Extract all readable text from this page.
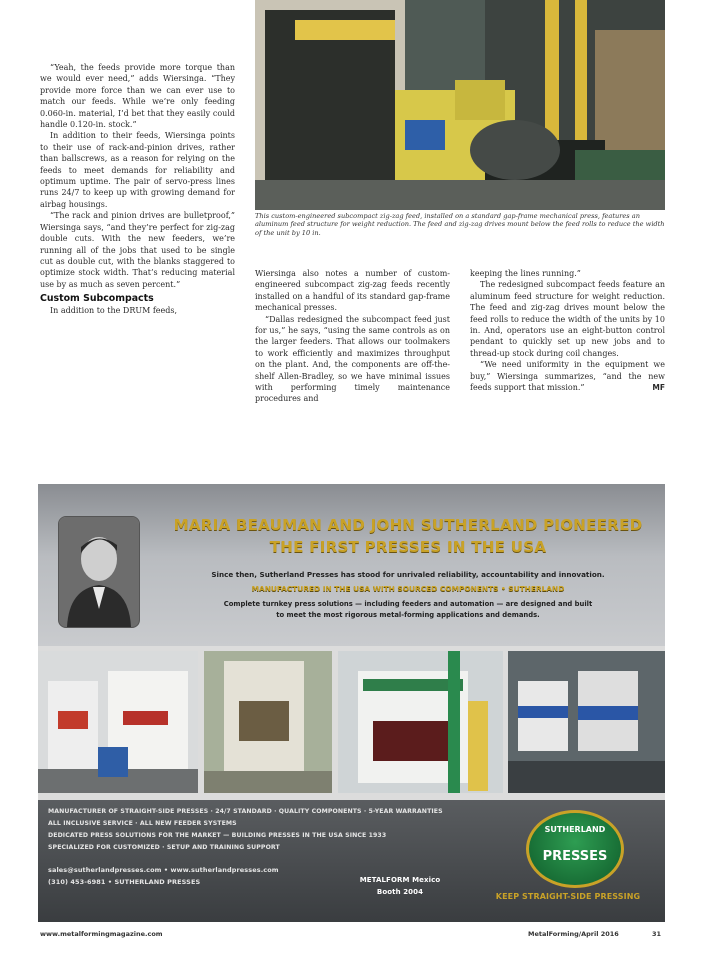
This custom-engineered subcompact zig-zag feed, installed on a standard gap-frame mechanical press, features an aluminum feed structure for weight reduction. The feed and zig-zag drives mount below the feed rolls to reduce the width of the unit by 10 in.

“Yeah, the feeds provide more torque than we would ever need,” adds Wiersinga. “They provide more force than we can ever use to match our feeds. While we’re only feeding 0.060-in. material, I’d bet that they easily could handle 0.120-in. stock.”

In addition to their feeds, Wiersinga points to their use of rack-and-pinion drives, rather than ballscrews, as a reason for relying on the feeds to meet demands for reliability and optimum uptime. The pair of servo-press lines runs 24/7 to keep up with growing demand for airbag housings.

“The rack and pinion drives are bulletproof,” Wiersinga says, “and they’re perfect for zig-zag double cuts. With the new feeders, we’re running all of the jobs that used to be single cut as double cut, with the blanks staggered to optimize stock width. That’s reducing material use by as much as seven percent.”

Custom Subcompacts

In addition to the DRUM feeds,

Wiersinga also notes a number of custom-engineered subcompact zig-zag feeds recently installed on a handful of its standard gap-frame mechanical presses.

“Dallas redesigned the subcompact feed just for us,” he says, “using the same controls as on the larger feeders. That allows our toolmakers to work efficiently and maximizes throughput on the plant. And, the components are off-the-shelf Allen-Bradley, so we have minimal issues with performing timely maintenance procedures and

keeping the lines running.”

The redesigned subcompact feeds feature an aluminum feed structure for weight reduction. The feed and zig-zag drives mount below the feed rolls to reduce the width of the units by 10 in. And, operators use an eight-button control pendant to quickly set up new jobs and to thread-up stock during coil changes.

“We need uniformity in the equipment we buy,” Wiersinga summarizes, “and the new feeds support that mission.”	MF

MARIA BEAUMAN AND JOHN SUTHERLAND PIONEERED
THE FIRST PRESSES IN THE USA
Since then, Sutherland Presses has stood for unrivaled reliability, accountability and innovation.
MANUFACTURED IN THE USA WITH SOURCED COMPONENTS • SUTHERLAND
Complete turnkey press solutions — including feeders and automation — are designed and built
to meet the most rigorous metal-forming applications and demands.
MANUFACTURER OF STRAIGHT-SIDE PRESSES · 24/7 STANDARD · QUALITY COMPONENTS · 5-YEAR WARRANTIES
ALL INCLUSIVE SERVICE · ALL NEW FEEDER SYSTEMS
DEDICATED PRESS SOLUTIONS FOR THE MARKET — BUILDING PRESSES IN THE USA SINCE 1933
SPECIALIZED FOR CUSTOMIZED · SETUP AND TRAINING SUPPORT
sales@sutherlandpresses.com • www.sutherlandpresses.com
(310) 453-6981 • SUTHERLAND PRESSES	METALFORM Mexico
Booth 2004
SUTHERLAND
PRESSES
KEEP STRAIGHT-SIDE PRESSING
www.metalformingmagazine.com	MetalForming/April 2016	31
